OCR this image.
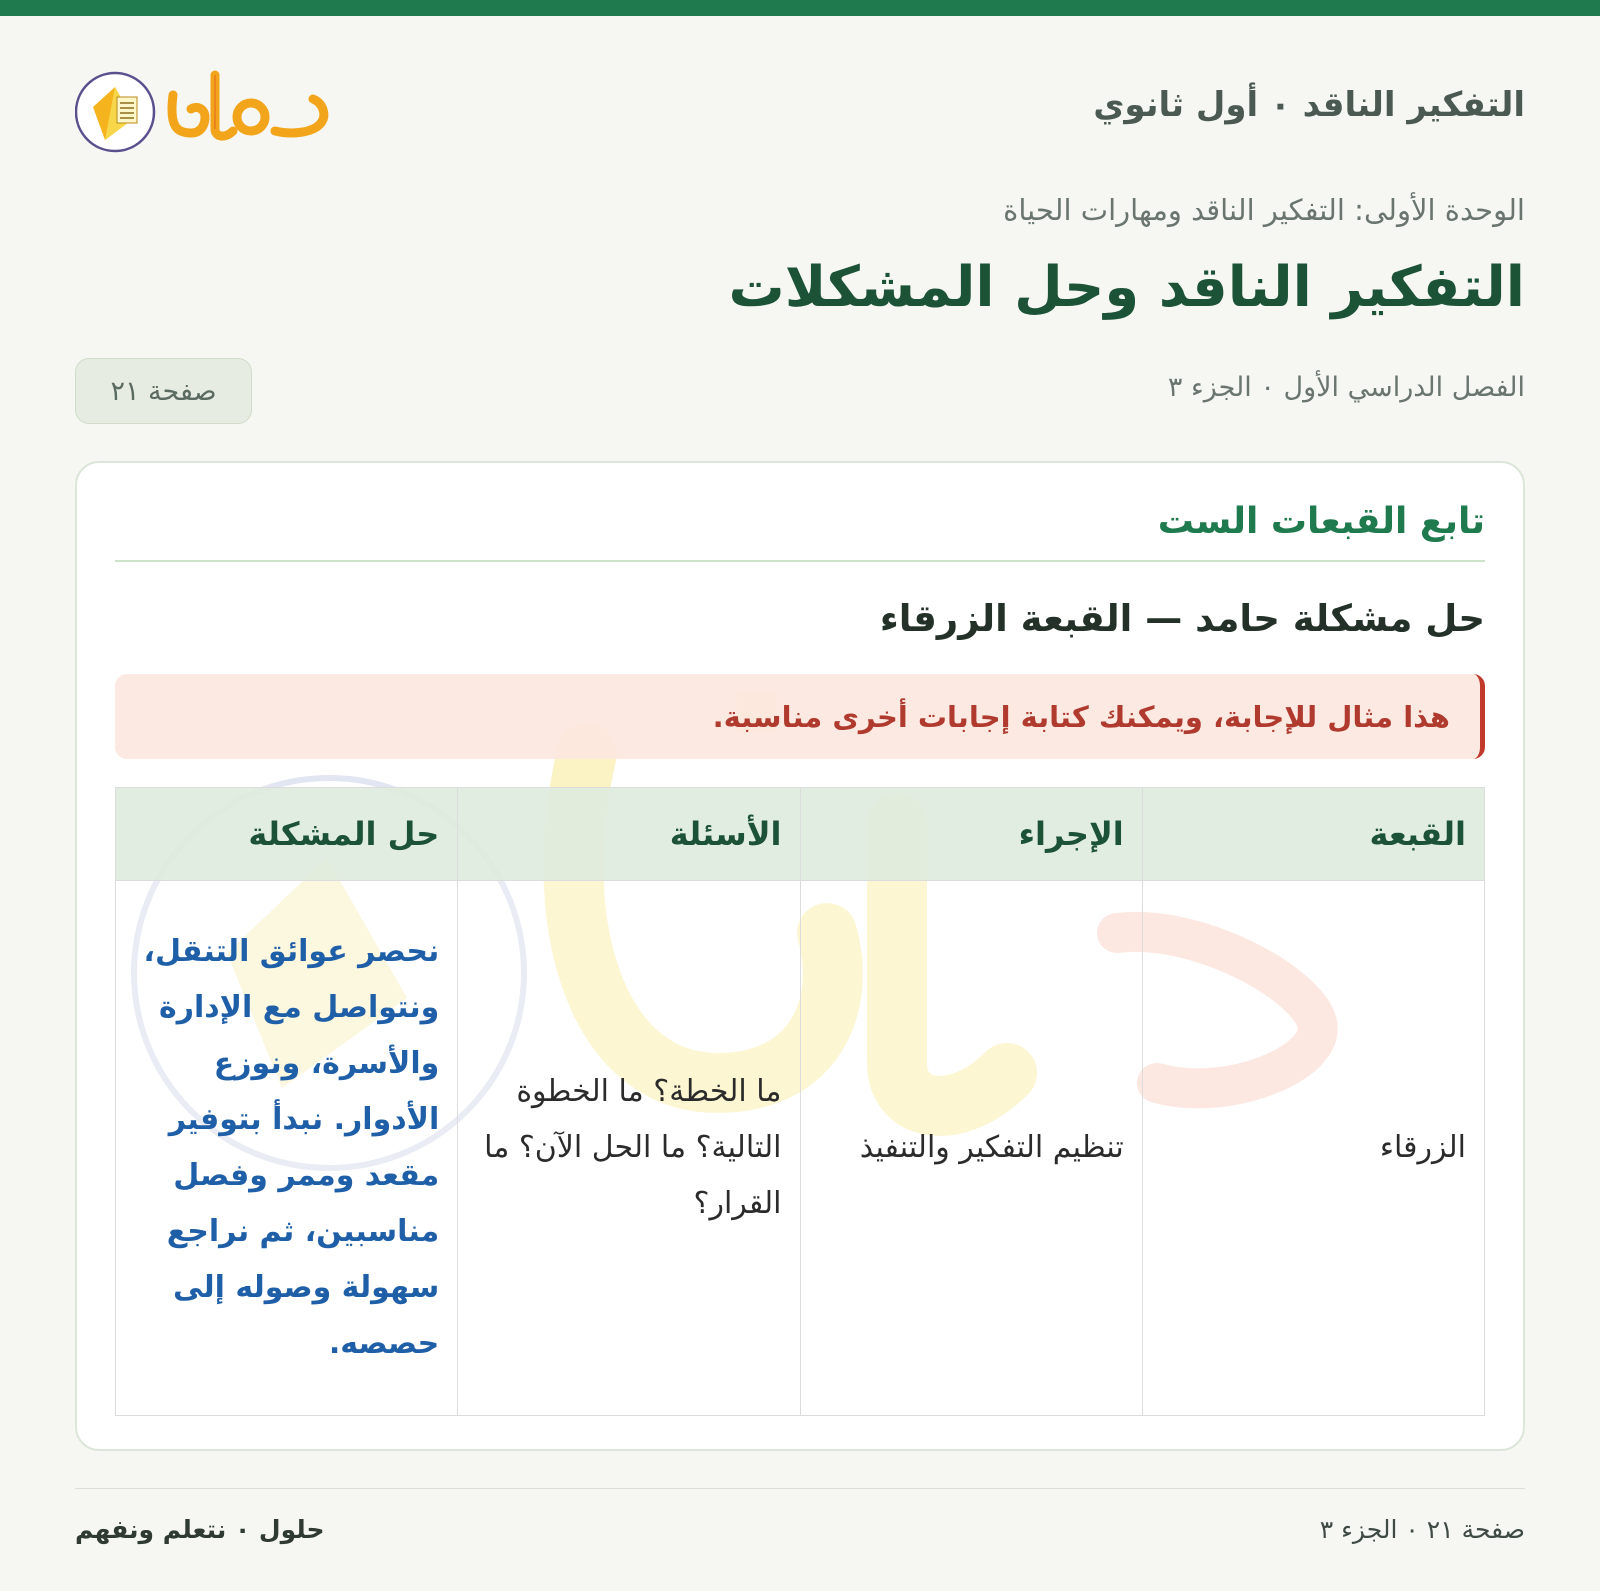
التفكير الناقد ٠ أول ثانوي
الوحدة الأولى: التفكير الناقد ومهارات الحياة
التفكير الناقد وحل المشكلات
الفصل الدراسي الأول ٠ الجزء ٣
صفحة ٢١
تابع القبعات الست
حل مشكلة حامد — القبعة الزرقاء
هذا مثال للإجابة، ويمكنك كتابة إجابات أخرى مناسبة.
القبعة	الإجراء	الأسئلة	حل المشكلة
الزرقاء	تنظيم التفكير والتنفيذ	ما الخطة؟ ما الخطوة التالية؟ ما الحل الآن؟ ما القرار؟	نحصر عوائق التنقل، ونتواصل مع الإدارة والأسرة، ونوزع الأدوار. نبدأ بتوفير مقعد وممر وفصل مناسبين، ثم نراجع سهولة وصوله إلى حصصه.
صفحة ٢١ ٠ الجزء ٣
حلول ٠ نتعلم ونفهم
